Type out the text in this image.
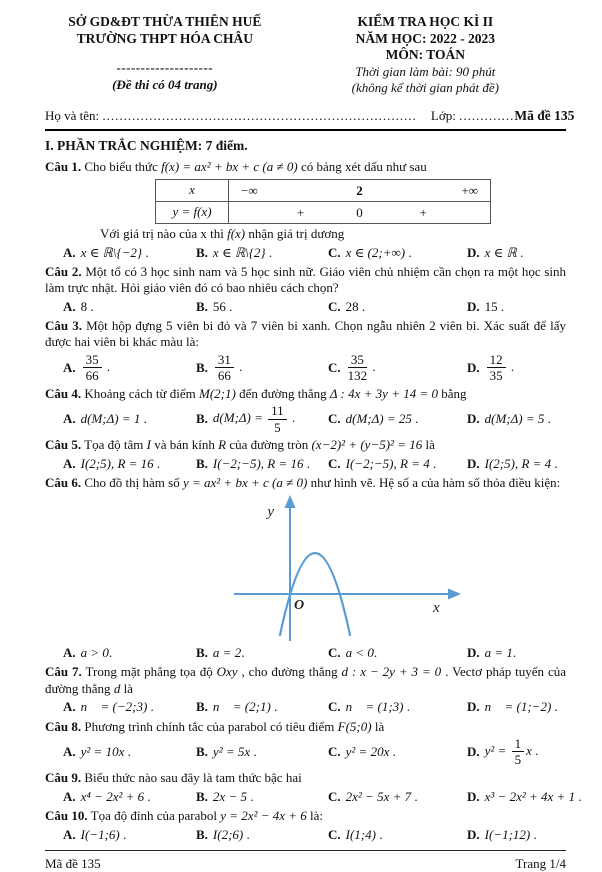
SỞ GD&ĐT THỪA THIÊN HUẾ
TRƯỜNG THPT HÓA CHÂU
--------------------
(Đề thi có 04 trang)
KIỂM TRA HỌC KÌ II
NĂM HỌC: 2022 - 2023
MÔN: TOÁN
Thời gian làm bài: 90 phút
(không kể thời gian phát đề)
Họ và tên: .......................................................................... Lớp: ............. Mã đề 135
I. PHẦN TRẮC NGHIỆM: 7 điểm.

Câu 1. Cho biểu thức f(x) = ax² + bx + c (a ≠ 0) có bảng xét dấu như sau

x	−∞ 2 +∞

y = f(x)	+ 0 +

Với giá trị nào của x thì f(x) nhận giá trị dương

A. x ∈ ℝ\{−2} .	B. x ∈ ℝ\{2} .	C. x ∈ (2;+∞) .	D. x ∈ ℝ .

Câu 2. Một tổ có 3 học sinh nam và 5 học sinh nữ. Giáo viên chủ nhiệm cần chọn ra một học sinh làm trực nhật. Hỏi giáo viên đó có bao nhiêu cách chọn?

A. 8 .	B. 56 .	C. 28 .	D. 15 .

Câu 3. Một hộp đựng 5 viên bi đỏ và 7 viên bi xanh. Chọn ngẫu nhiên 2 viên bi. Xác suất để lấy được hai viên bi khác màu là:

A. $\frac{35}{66}$ .	B. $\frac{31}{66}$ .	C. $\frac{35}{132}$ .	D. $\frac{12}{35}$ .

Câu 4. Khoảng cách từ điểm M(2;1) đến đường thẳng Δ : 4x + 3y + 14 = 0 bằng

A. d(M;Δ) = 1 .	B. d(M;Δ) = $\frac{11}{5}$ .	C. d(M;Δ) = 25 .	D. d(M;Δ) = 5 .

Câu 5. Tọa độ tâm I và bán kính R của đường tròn (x−2)² + (y−5)² = 16 là

A. I(2;5), R = 16 .	B. I(−2;−5), R = 16 . C. I(−2;−5), R = 4 . D. I(2;5), R = 4 .

Câu 6. Cho đồ thị hàm số y = ax² + bx + c (a ≠ 0) như hình vẽ. Hệ số a của hàm số thỏa điều kiện:

y
x
O
A. a > 0.	B. a = 2.	C. a < 0.	D. a = 1.

Câu 7. Trong mặt phẳng tọa độ Oxy , cho đường thẳng d : x − 2y + 3 = 0 . Vectơ pháp tuyến của đường thẳng d là

A. n⃗ = (−2;3) .	B. n⃗ = (2;1) .	C. n⃗ = (1;3) .	D. n⃗ = (1;−2) .

Câu 8. Phương trình chính tắc của parabol có tiêu điểm F(5;0) là

A. y² = 10x .	B. y² = 5x .	C. y² = 20x .	D. $y^2 = \frac{1}{5}$ x .

Câu 9. Biểu thức nào sau đây là tam thức bậc hai

A. x⁴ − 2x² + 6 .	B. 2x − 5 .	C. 2x² − 5x + 7 .	D. x³ − 2x² + 4x + 1 .

Câu 10. Tọa độ đỉnh của parabol y = 2x² − 4x + 6 là:

A. I(−1;6) .	B. I(2;6) .	C. I(1;4) .	D. I(−1;12) .
Mã đề 135	Trang 1/4
